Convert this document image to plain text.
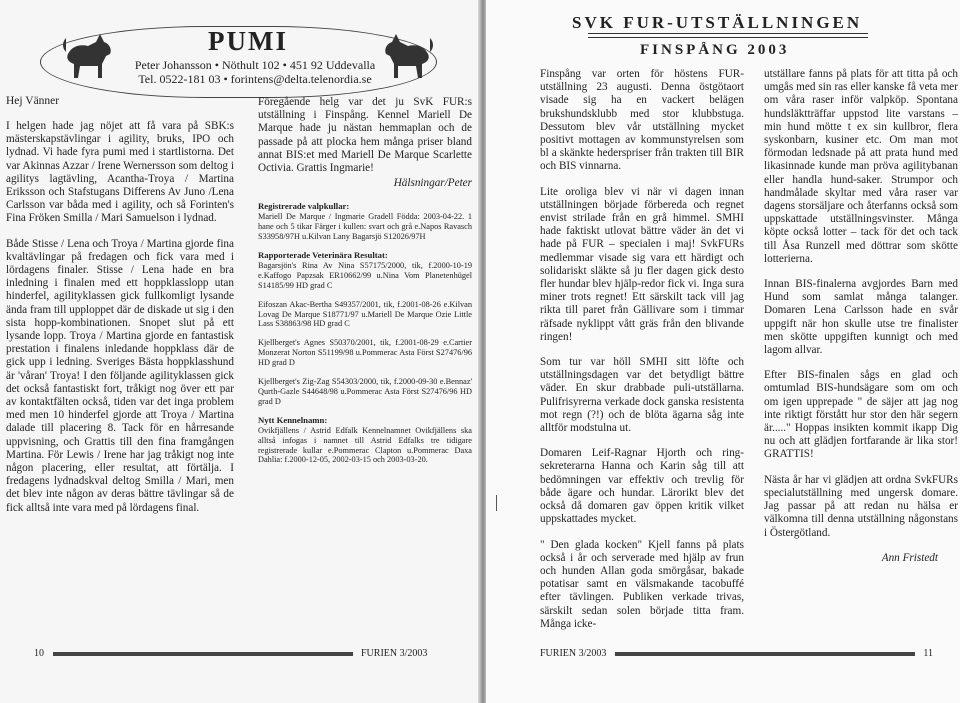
PUMI
Peter Johansson • Nöthult 102 • 451 92 Uddevalla
Tel. 0522-181 03 • forintens@delta.telenordia.se
Hej Vänner

I helgen hade jag nöjet att få vara på SBK:s mästerskapstävlingar i agility, bruks, IPO och lydnad. Vi hade fyra pumi med i startlistorna. Det var Akinnas Azzar / Irene Wernersson som deltog i agilitys lagtävling, Acantha-Troya / Martina Eriksson och Stafstugans Differens Av Juno /Lena Carlsson var båda med i agility, och så Forinten's Fina Fröken Smilla / Mari Samuelson i lydnad.

Både Stisse / Lena och Troya / Martina gjorde fina kvaltävlingar på fredagen och fick vara med i lördagens finaler. Stisse / Lena hade en bra inledning i finalen med ett hoppklasslopp utan hinderfel, agilityklassen gick fullkomligt lysande ända fram till upploppet där de diskade ut sig i den sista hopp-kombinationen. Snopet slut på ett lysande lopp. Troya / Martina gjorde en fantastisk prestation i finalens inledande hoppklass där de gick upp i ledning. Sveriges Bästa hoppklasshund är 'våran' Troya! I den följande agilityklassen gick det också fantastiskt fort, tråkigt nog över ett par av kontaktfälten också, tiden var det inga problem med men 10 hinderfel gjorde att Troya / Martina dalade till placering 8. Tack för en hårresande uppvisning, och Grattis till den fina framgången Martina. För Lewis / Irene har jag tråkigt nog inte någon placering, eller resultat, att förtälja. I fredagens lydnadskval deltog Smilla / Mari, men det blev inte någon av deras bättre tävlingar så de fick alltså inte vara med på lördagens final.

Föregående helg var det ju SvK FUR:s utställning i Finspång. Kennel Mariell De Marque hade ju nästan hemmaplan och de passade på att plocka hem många priser bland annat BIS:et med Mariell De Marque Scarlette Octivia. Grattis Ingmarie!

Hälsningar/Peter

Registrerade valpkullar:

Mariell De Marque / Ingmarie Gradell Födda: 2003-04-22. 1 hane och 5 tikar Färger i kullen: svart och grå e.Napos Ravasch S33958/97H u.Kilvan Lany Bagarsjö S12026/97H

Rapporterade Veterinära Resultat:

Bagarsjön's Rina Av Nina S57175/2000, tik, f.2000-10-19 e.Kaffogo Papzsak ER10662/99 u.Nina Vom Planetenhügel S14185/99 HD grad C

Eifoszan Akac-Bertha S49357/2001, tik, f.2001-08-26 e.Kilvan Lovag De Marque S18771/97 u.Mariell De Marque Ozie Little Lass S38863/98 HD grad C

Kjellberget's Agnes S50370/2001, tik, f.2001-08-29 e.Cartier Monzerat Norton S51199/98 u.Pommerac Asta Först S27476/96 HD grad D

Kjellberget's Zig-Zag S54303/2000, tik, f.2000-09-30 e.Bennaz' Qurth-Gazle S44648/98 u.Pommerac Asta Först S27476/96 HD grad D

Nytt Kennelnamn:

Ovikfjällens / Astrid Edfalk Kennelnamnet Ovikfjällens ska alltså infogas i namnet till Astrid Edfalks tre tidigare registrerade kullar e.Pommerac Clapton u.Pommerac Daxa Dahlia: f.2000-12-05, 2002-03-15 och 2003-03-20.

10	FURIEN 3/2003
SVK FUR-UTSTÄLLNINGEN
FINSPÅNG 2003

Finspång var orten för höstens FUR-utställning 23 augusti. Denna östgötaort visade sig ha en vackert belägen brukshundsklubb med stor klubbstuga. Dessutom blev vår utställning mycket positivt mottagen av kommunstyrelsen som bl a skänkte hederspriser från trakten till BIR och BIS vinnarna.

Lite oroliga blev vi när vi dagen innan utställningen började förbereda och regnet envist strilade från en grå himmel. SMHI hade faktiskt utlovat bättre väder än det vi hade på FUR – specialen i maj! SvkFURs medlemmar visade sig vara ett härdigt och solidariskt släkte så ju fler dagen gick desto fler hundar blev hjälp-redor fick vi. Inga sura miner trots regnet! Ett särskilt tack vill jag rikta till paret från Gällivare som i timmar räfsade nyklippt vått gräs från den blivande ringen!

Som tur var höll SMHI sitt löfte och utställningsdagen var det betydligt bättre väder. En skur drabbade puli-utställarna. Pulifrisyrerna verkade dock ganska resistenta mot regn (?!) och de blöta ägarna såg inte alltför modstulna ut.

Domaren Leif-Ragnar Hjorth och ring-sekreterarna Hanna och Karin såg till att bedömningen var effektiv och trevlig för både ägare och hundar. Lärorikt blev det också då domaren gav öppen kritik vilket uppskattades mycket.

" Den glada kocken" Kjell fanns på plats också i år och serverade med hjälp av frun och hunden Allan goda smörgåsar, bakade potatisar samt en välsmakande tacobuffé efter tävlingen. Publiken verkade trivas, särskilt sedan solen började titta fram. Många icke-

utställare fanns på plats för att titta på och umgås med sin ras eller kanske få veta mer om våra raser inför valpköp. Spontana hundsläktträffar uppstod lite varstans – min hund mötte t ex sin kullbror, flera syskonbarn, kusiner etc. Om man mot förmodan ledsnade på att prata hund med likasinnade kunde man pröva agilitybanan eller handla hund-saker. Strumpor och handmålade skyltar med våra raser var dagens storsäljare och återfanns också som uppskattade utställningsvinster. Många köpte också lotter – tack för det och tack till Åsa Runzell med döttrar som skötte lotterierna.

Innan BIS-finalerna avgjordes Barn med Hund som samlat många talanger. Domaren Lena Carlsson hade en svår uppgift när hon skulle utse tre finalister men skötte uppgiften kunnigt och med lagom allvar.

Efter BIS-finalen sågs en glad och omtumlad BIS-hundsägare som om och om igen upprepade " de säjer att jag nog inte riktigt förstått hur stor den här segern är....." Hoppas insikten kommit ikapp Dig nu och att glädjen fortfarande är lika stor! GRATTIS!

Nästa år har vi glädjen att ordna SvkFURs specialutställning med ungersk domare. Jag passar på att redan nu hälsa er välkomna till denna utställning någonstans i Östergötland.

Ann Fristedt

FURIEN 3/2003	11
